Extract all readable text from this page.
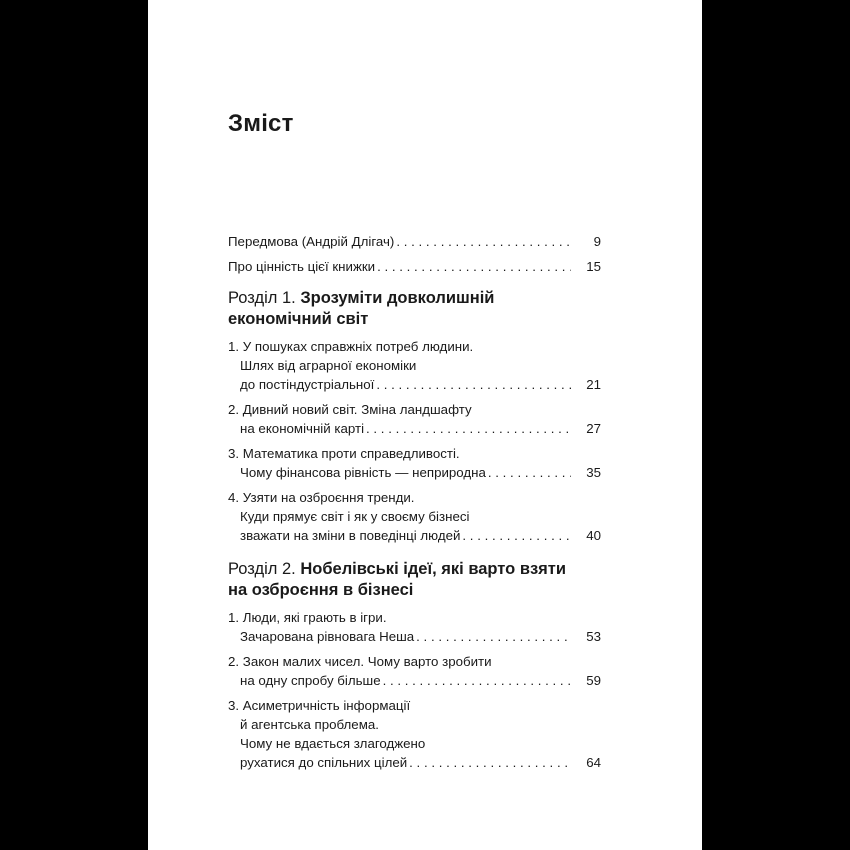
Зміст
Передмова (Андрій Длігач) . . .	9
Про цінність цієї книжки . . .	15
Розділ 1. Зрозуміти довколишній
економічний світ
1. У пошуках справжніх потреб людини.
Шлях від аграрної економіки
до постіндустріальної . . .	21
2. Дивний новий світ. Зміна ландшафту
на економічній карті . . .	27
3. Математика проти справедливості.
Чому фінансова рівність — неприродна . . .	35
4. Узяти на озброєння тренди.
Куди прямує світ і як у своєму бізнесі
зважати на зміни в поведінці людей . . .	40
Розділ 2. Нобелівські ідеї, які варто взяти
на озброєння в бізнесі
1. Люди, які грають в ігри.
Зачарована рівновага Неша . . .	53
2. Закон малих чисел. Чому варто зробити
на одну спробу більше . . .	59
3. Асиметричність інформації
й агентська проблема.
Чому не вдається злагоджено
рухатися до спільних цілей . . .	64
